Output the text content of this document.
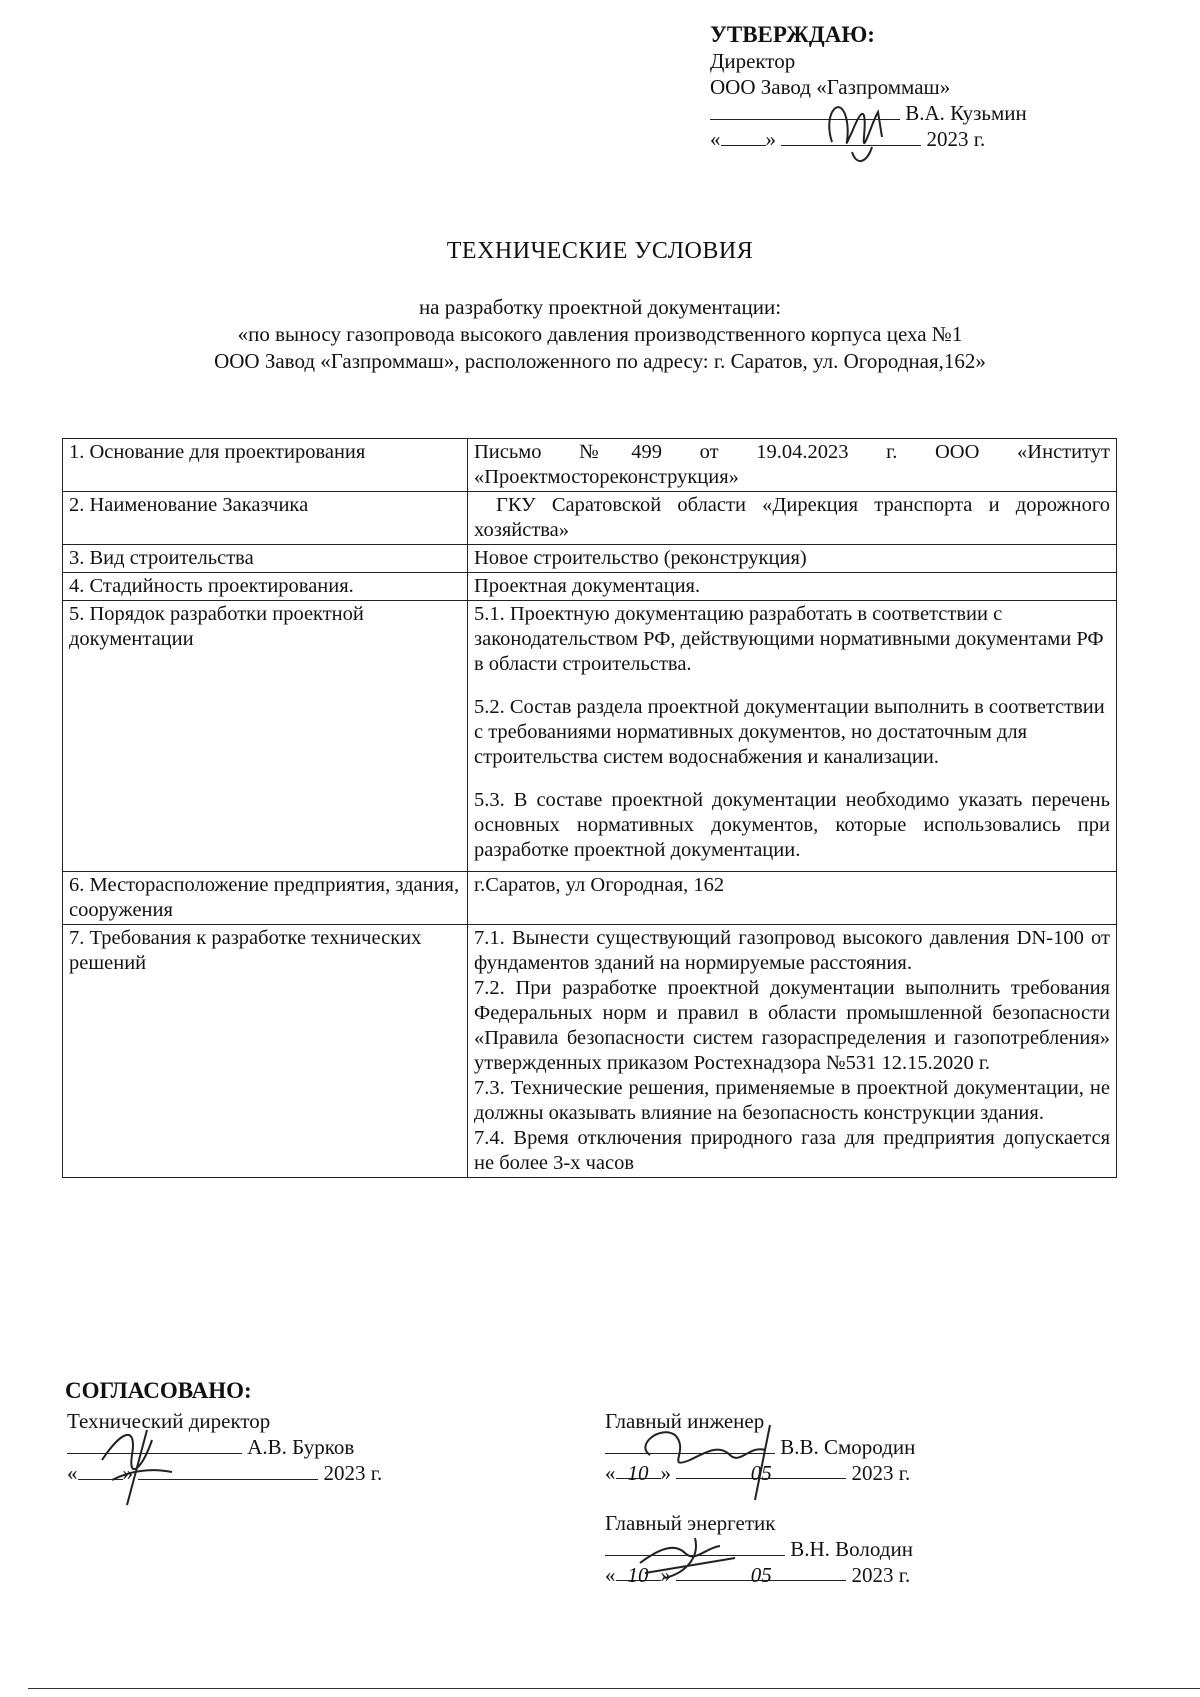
УТВЕРЖДАЮ:
Директор
ООО Завод «Газпроммаш»
В.А. Кузьмин
« »	2023 г.
ТЕХНИЧЕСКИЕ УСЛОВИЯ
на разработку проектной документации:
«по выносу газопровода высокого давления производственного корпуса цеха №1
ООО Завод «Газпроммаш», расположенного по адресу: г. Саратов, ул. Огородная,162»
1. Основание для проектирования	Письмо №499 от 19.04.2023 г. ООО «Институт «Проектмостореконструкция»

2. Наименование Заказчика	ГКУ Саратовской области «Дирекция транспорта и дорожного хозяйства»

3. Вид строительства	Новое строительство (реконструкция)

4. Стадийность проектирования.	Проектная документация.

5. Порядок разработки проектной документации	5.1. Проектную документацию разработать в соответствии с законодательством РФ, действующими нормативными документами РФ в области строительства.

5.2. Состав раздела проектной документации выполнить в соответствии с требованиями нормативных документов, но достаточным для строительства систем водоснабжения и канализации.

5.3. В составе проектной документации необходимо указать перечень основных нормативных документов, которые использовались при разработке проектной документации.

6. Месторасположение предприятия, здания, сооружения	г.Саратов, ул Огородная, 162

7. Требования к разработке технических решений	7.1. Вынести существующий газопровод высокого давления DN-100 от фундаментов зданий на нормируемые расстояния.

7.2. При разработке проектной документации выполнить требования Федеральных норм и правил в области промышленной безопасности «Правила безопасности систем газораспределения и газопотребления» утвержденных приказом Ростехнадзора №531 12.15.2020 г.

7.3. Технические решения, применяемые в проектной документации, не должны оказывать влияние на безопасность конструкции здания.

7.4. Время отключения природного газа для предприятия допускается не более 3-х часов

СОГЛАСОВАНО:
Технический директор
А.В. Бурков
« »	2023 г.
Главный инженер
В.В. Смородин
« 10 »	05	2023 г.
Главный энергетик
В.Н. Володин
« 10 »	05	2023 г.
